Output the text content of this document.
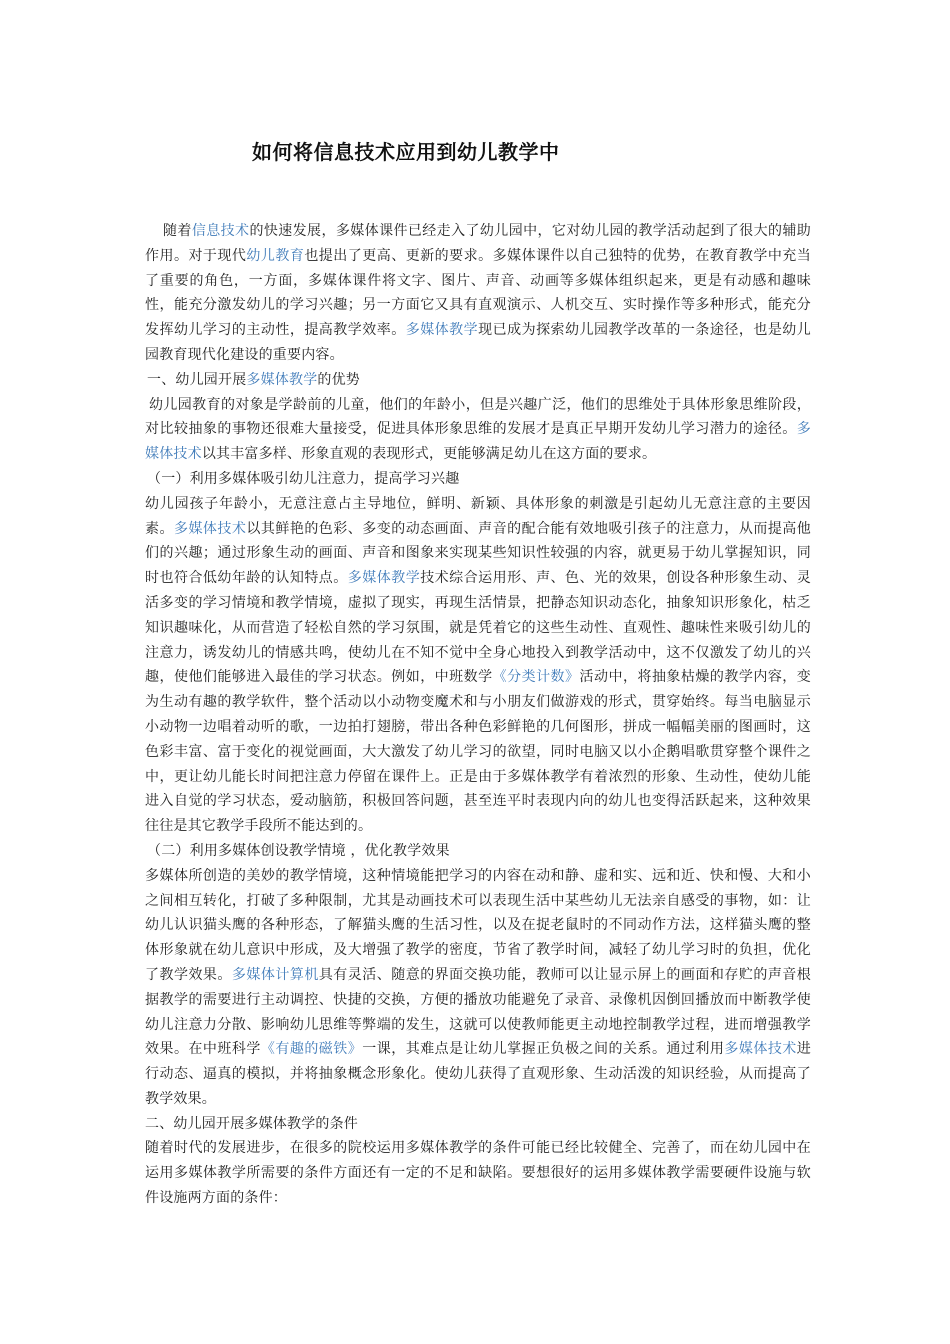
如何将信息技术应用到幼儿教学中

随着信息技术的快速发展，多媒体课件已经走入了幼儿园中，它对幼儿园的教学活动起到了很大的辅助作用。对于现代幼儿教育也提出了更高、更新的要求。多媒体课件以自己独特的优势，在教育教学中充当了重要的角色，一方面，多媒体课件将文字、图片、声音、动画等多媒体组织起来，更是有动感和趣味性，能充分激发幼儿的学习兴趣；另一方面它又具有直观演示、人机交互、实时操作等多种形式，能充分发挥幼儿学习的主动性，提高教学效率。多媒体教学现已成为探索幼儿园教学改革的一条途径，也是幼儿园教育现代化建设的重要内容。

一、幼儿园开展多媒体教学的优势

幼儿园教育的对象是学龄前的儿童，他们的年龄小，但是兴趣广泛，他们的思维处于具体形象思维阶段，对比较抽象的事物还很难大量接受，促进具体形象思维的发展才是真正早期开发幼儿学习潜力的途径。多媒体技术以其丰富多样、形象直观的表现形式，更能够满足幼儿在这方面的要求。

（一）利用多媒体吸引幼儿注意力，提高学习兴趣

幼儿园孩子年龄小，无意注意占主导地位，鲜明、新颖、具体形象的刺激是引起幼儿无意注意的主要因素。多媒体技术以其鲜艳的色彩、多变的动态画面、声音的配合能有效地吸引孩子的注意力，从而提高他们的兴趣；通过形象生动的画面、声音和图象来实现某些知识性较强的内容，就更易于幼儿掌握知识，同时也符合低幼年龄的认知特点。多媒体教学技术综合运用形、声、色、光的效果，创设各种形象生动、灵活多变的学习情境和教学情境，虚拟了现实，再现生活情景，把静态知识动态化，抽象知识形象化，枯乏知识趣味化，从而营造了轻松自然的学习氛围，就是凭着它的这些生动性、直观性、趣味性来吸引幼儿的注意力，诱发幼儿的情感共鸣，使幼儿在不知不觉中全身心地投入到教学活动中，这不仅激发了幼儿的兴趣，使他们能够进入最佳的学习状态。例如，中班数学《分类计数》活动中，将抽象枯燥的教学内容，变为生动有趣的教学软件，整个活动以小动物变魔术和与小朋友们做游戏的形式，贯穿始终。每当电脑显示小动物一边唱着动听的歌，一边拍打翅膀，带出各种色彩鲜艳的几何图形，拼成一幅幅美丽的图画时，这色彩丰富、富于变化的视觉画面，大大激发了幼儿学习的欲望，同时电脑又以小企鹅唱歌贯穿整个课件之中，更让幼儿能长时间把注意力停留在课件上。正是由于多媒体教学有着浓烈的形象、生动性，使幼儿能进入自觉的学习状态，爱动脑筋，积极回答问题，甚至连平时表现内向的幼儿也变得活跃起来，这种效果往往是其它教学手段所不能达到的。

（二）利用多媒体创设教学情境 ，优化教学效果

多媒体所创造的美妙的教学情境，这种情境能把学习的内容在动和静、虚和实、远和近、快和慢、大和小之间相互转化，打破了多种限制，尤其是动画技术可以表现生活中某些幼儿无法亲自感受的事物，如：让幼儿认识猫头鹰的各种形态，了解猫头鹰的生活习性，以及在捉老鼠时的不同动作方法，这样猫头鹰的整体形象就在幼儿意识中形成，及大增强了教学的密度，节省了教学时间，减轻了幼儿学习时的负担，优化了教学效果。多媒体计算机具有灵活、随意的界面交换功能，教师可以让显示屏上的画面和存贮的声音根据教学的需要进行主动调控、快捷的交换，方便的播放功能避免了录音、录像机因倒回播放而中断教学使幼儿注意力分散、影响幼儿思维等弊端的发生，这就可以使教师能更主动地控制教学过程，进而增强教学效果。在中班科学《有趣的磁铁》一课，其难点是让幼儿掌握正负极之间的关系。通过利用多媒体技术进行动态、逼真的模拟，并将抽象概念形象化。使幼儿获得了直观形象、生动活泼的知识经验，从而提高了教学效果。

二、幼儿园开展多媒体教学的条件

随着时代的发展进步，在很多的院校运用多媒体教学的条件可能已经比较健全、完善了，而在幼儿园中在运用多媒体教学所需要的条件方面还有一定的不足和缺陷。要想很好的运用多媒体教学需要硬件设施与软件设施两方面的条件：
